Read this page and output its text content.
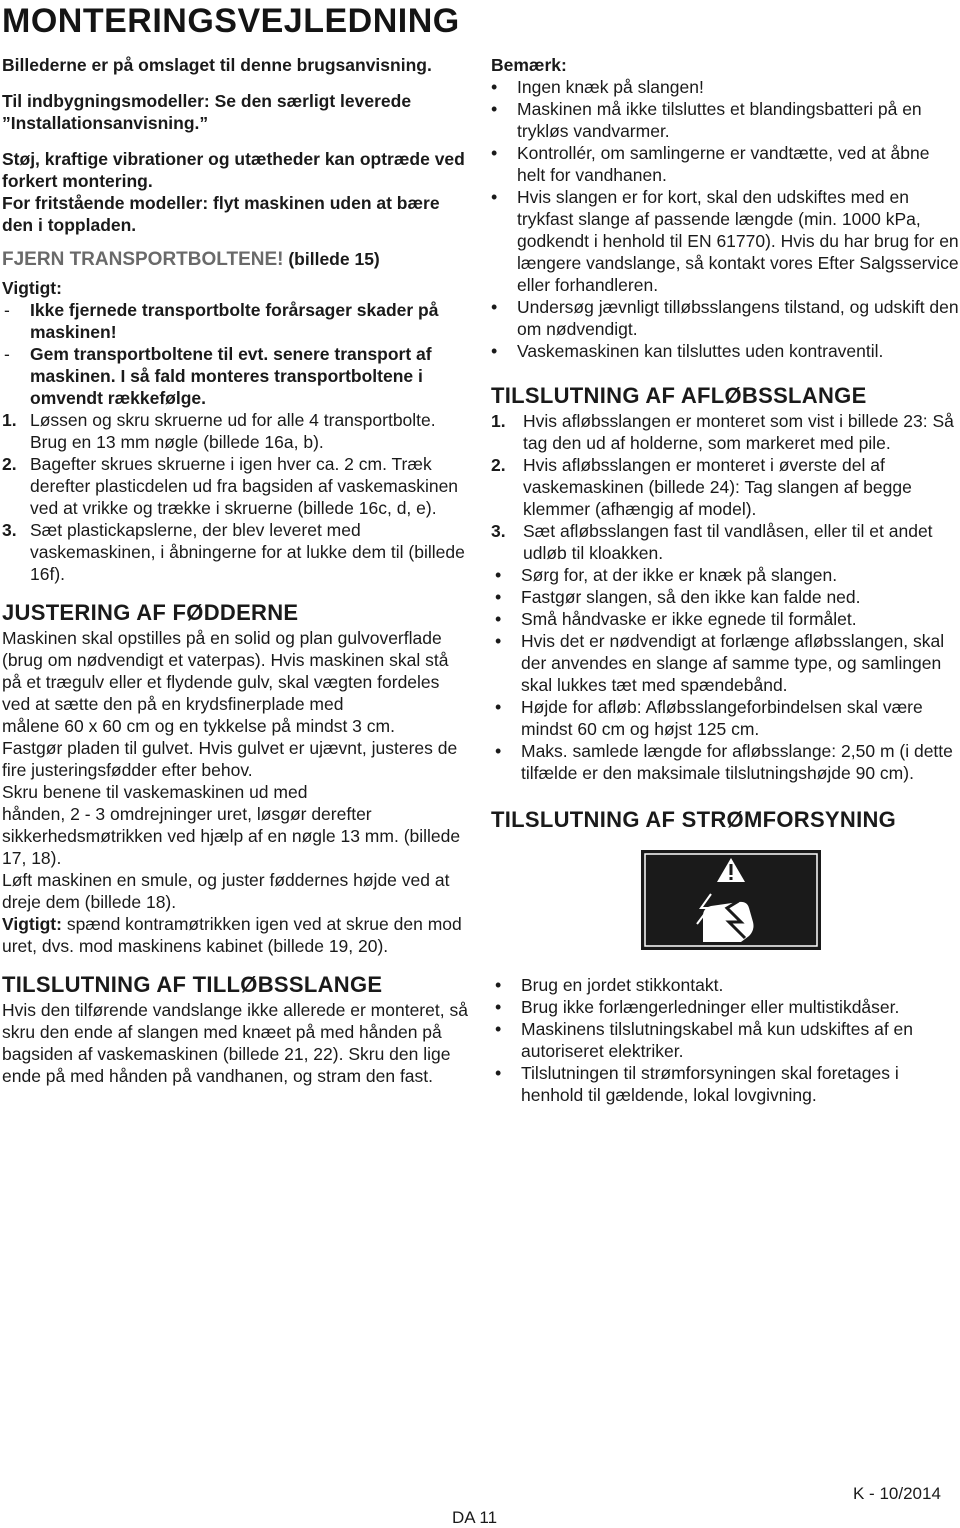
MONTERINGSVEJLEDNING

Billederne er på omslaget til denne brugsanvisning.

Til indbygningsmodeller: Se den særligt leverede ”Installationsanvisning.”

Støj, kraftige vibrationer og utætheder kan optræde ved forkert montering.

For fritstående modeller: flyt maskinen uden at bære den i toppladen.

FJERN TRANSPORTBOLTENE! (billede 15)

Vigtigt:

- Ikke fjernede transportbolte forårsager skader på maskinen!
- Gem transportboltene til evt. senere transport af maskinen. I så fald monteres transportboltene i omvendt rækkefølge.
1. Løssen og skru skruerne ud for alle 4 transportbolte. Brug en 13 mm nøgle (billede 16a, b).
2. Bagefter skrues skruerne i igen hver ca. 2 cm. Træk derefter plasticdelen ud fra bagsiden af vaskemaskinen ved at vrikke og trække i skruerne (billede 16c, d, e).
3. Sæt plastickapslerne, der blev leveret med vaskemaskinen, i åbningerne for at lukke dem til (billede 16f).
JUSTERING AF FØDDERNE

Maskinen skal opstilles på en solid og plan gulvoverflade (brug om nødvendigt et vaterpas). Hvis maskinen skal stå på et trægulv eller et flydende gulv, skal vægten fordeles ved at sætte den på en krydsfinerplade med

målene 60 x 60 cm og en tykkelse på mindst 3 cm.

Fastgør pladen til gulvet. Hvis gulvet er ujævnt, justeres de fire justeringsfødder efter behov.

Skru benene til vaskemaskinen ud med

hånden, 2 - 3 omdrejninger uret, løsgør derefter sikkerhedsmøtrikken ved hjælp af en nøgle 13 mm. (billede 17, 18).

Løft maskinen en smule, og juster føddernes højde ved at dreje dem (billede 18).

Vigtigt: spænd kontramøtrikken igen ved at skrue den mod uret, dvs. mod maskinens kabinet (billede 19, 20).

TILSLUTNING AF TILLØBSSLANGE

Hvis den tilførende vandslange ikke allerede er monteret, så skru den ende af slangen med knæet på med hånden på bagsiden af vaskemaskinen (billede 21, 22). Skru den lige ende på med hånden på vandhanen, og stram den fast.

Bemærk:

• Ingen knæk på slangen!
• Maskinen må ikke tilsluttes et blandingsbatteri på en trykløs vandvarmer.
• Kontrollér, om samlingerne er vandtætte, ved at åbne helt for vandhanen.
• Hvis slangen er for kort, skal den udskiftes med en trykfast slange af passende længde (min. 1000 kPa, godkendt i henhold til EN 61770). Hvis du har brug for en længere vandslange, så kontakt vores Efter Salgsservice eller forhandleren.
• Undersøg jævnligt tilløbsslangens tilstand, og udskift den om nødvendigt.
• Vaskemaskinen kan tilsluttes uden kontraventil.
TILSLUTNING AF AFLØBSSLANGE
1. Hvis afløbsslangen er monteret som vist i billede 23: Så tag den ud af holderne, som markeret med pile.
2. Hvis afløbsslangen er monteret i øverste del af vaskemaskinen (billede 24): Tag slangen af begge klemmer (afhængig af model).
3. Sæt afløbsslangen fast til vandlåsen, eller til et andet udløb til kloakken.
• Sørg for, at der ikke er knæk på slangen.
• Fastgør slangen, så den ikke kan falde ned.
• Små håndvaske er ikke egnede til formålet.
• Hvis det er nødvendigt at forlænge afløbsslangen, skal der anvendes en slange af samme type, og samlingen skal lukkes tæt med spændebånd.
• Højde for afløb: Afløbsslangeforbindelsen skal være mindst 60 cm og højst 125 cm.
• Maks. samlede længde for afløbsslange: 2,50 m (i dette tilfælde er den maksimale tilslutningshøjde 90 cm).
TILSLUTNING AF STRØMFORSYNING
• Brug en jordet stikkontakt.
• Brug ikke forlængerledninger eller multistikdåser.
• Maskinens tilslutningskabel må kun udskiftes af en autoriseret elektriker.
• Tilslutningen til strømforsyningen skal foretages i henhold til gældende, lokal lovgivning.
DA 11
K - 10/2014
